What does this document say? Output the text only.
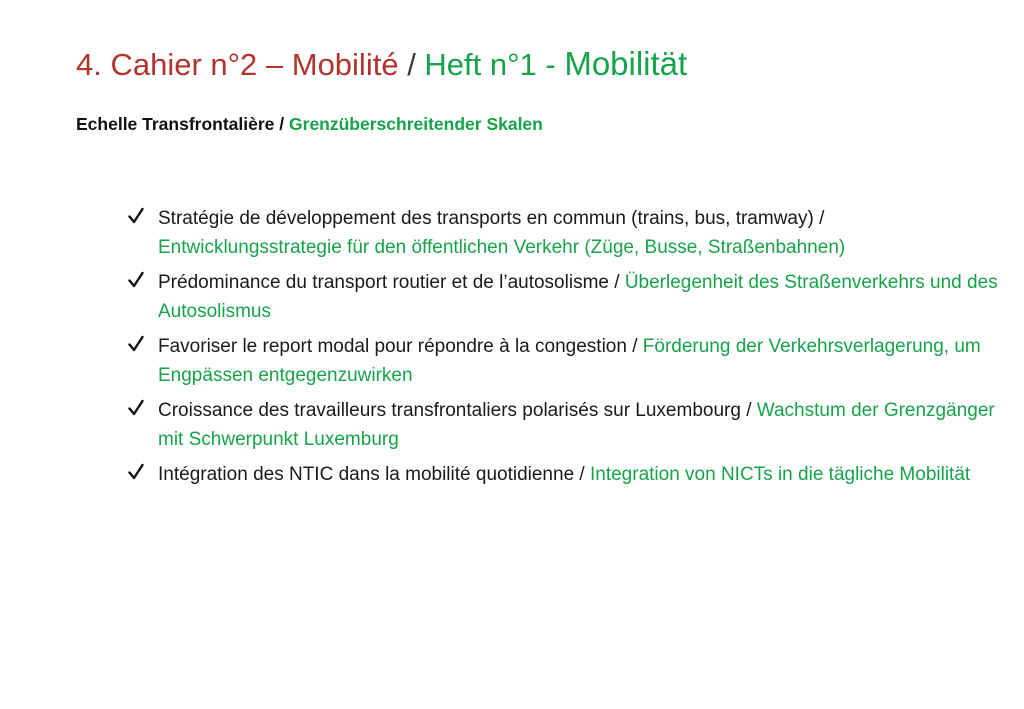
4. Cahier n°2 – Mobilité / Heft n°1 - Mobilität
Echelle Transfrontalière / Grenzüberschreitender Skalen
Stratégie de développement des transports en commun (trains, bus, tramway) / Entwicklungsstrategie für den öffentlichen Verkehr (Züge, Busse, Straßenbahnen)
Prédominance du transport routier et de l’autosolisme / Überlegenheit des Straßenverkehrs und des Autosolismus
Favoriser le report modal pour répondre à la congestion / Förderung der Verkehrsverlagerung, um Engpässen entgegenzuwirken
Croissance des travailleurs transfrontaliers polarisés sur Luxembourg / Wachstum der Grenzgänger mit Schwerpunkt Luxemburg
Intégration des NTIC dans la mobilité quotidienne / Integration von NICTs in die tägliche Mobilität
